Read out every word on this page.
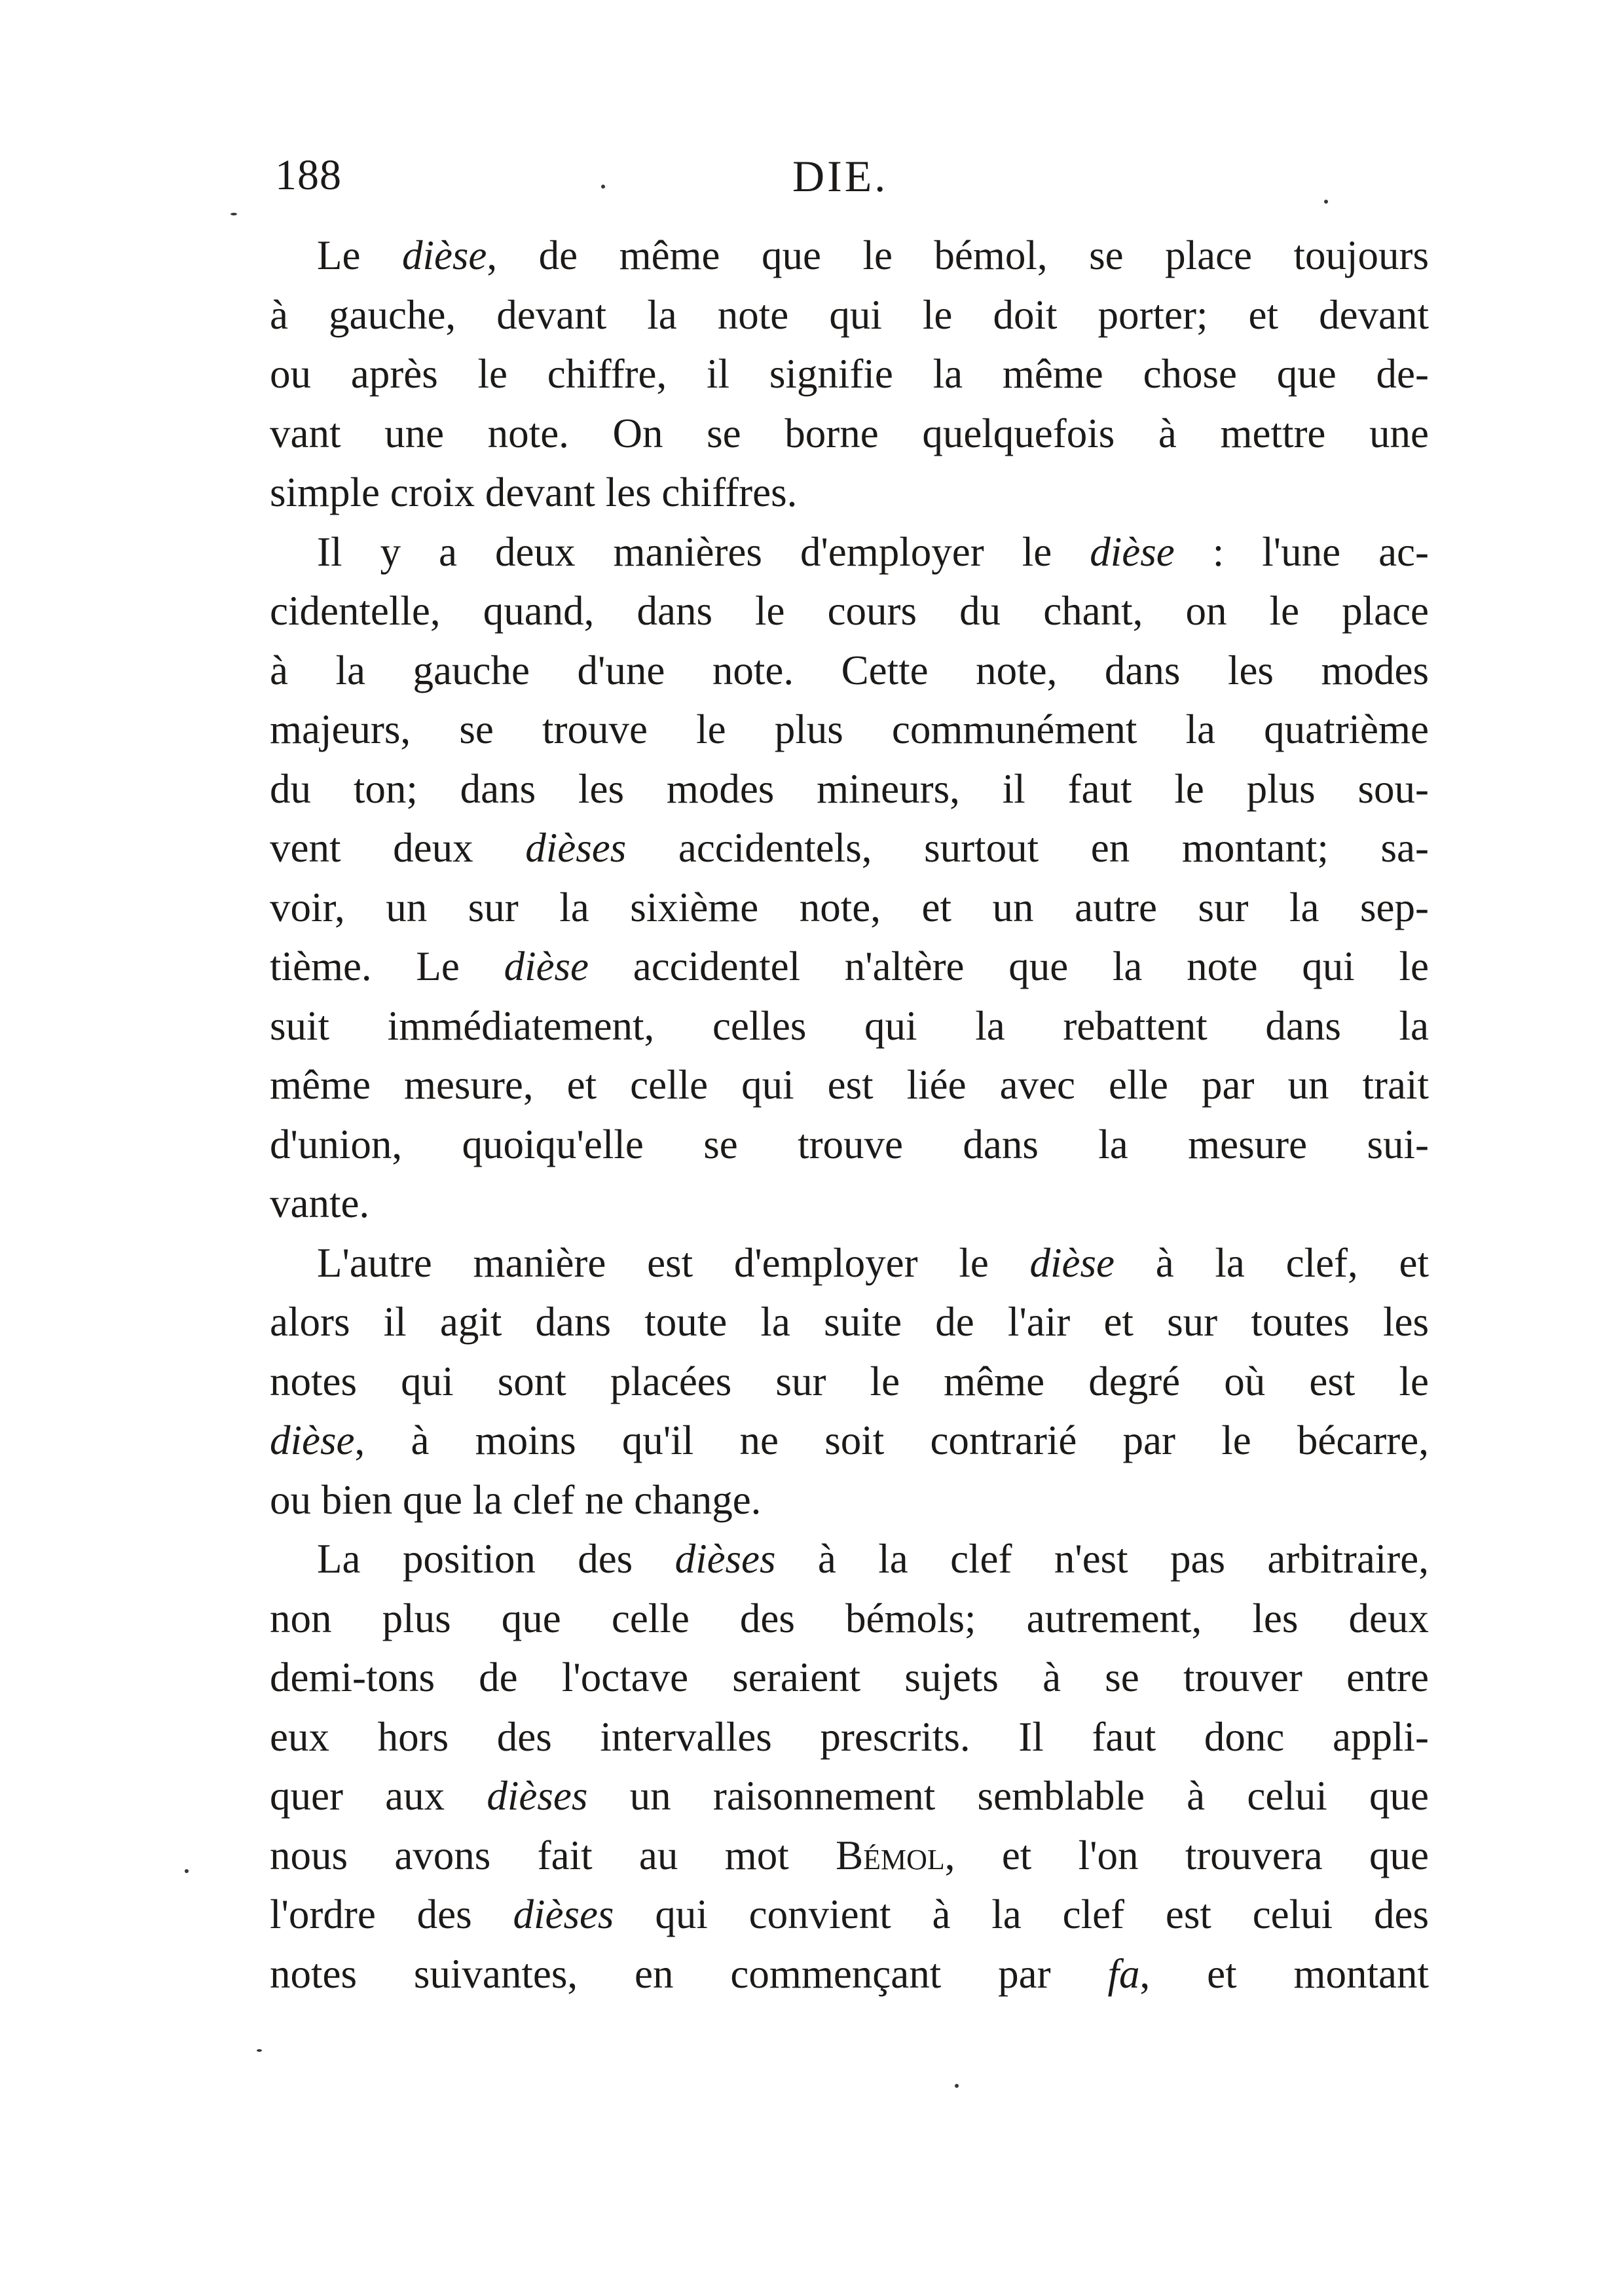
188	DIE.
Le dièse, de même que le bémol, se place toujours
à gauche, devant la note qui le doit porter; et devant
ou après le chiffre, il signifie la même chose que de-
vant une note. On se borne quelquefois à mettre une
simple croix devant les chiffres.
Il y a deux manières d'employer le dièse : l'une ac-
cidentelle, quand, dans le cours du chant, on le place
à la gauche d'une note. Cette note, dans les modes
majeurs, se trouve le plus communément la quatrième
du ton; dans les modes mineurs, il faut le plus sou-
vent deux dièses accidentels, surtout en montant; sa-
voir, un sur la sixième note, et un autre sur la sep-
tième. Le dièse accidentel n'altère que la note qui le
suit immédiatement, celles qui la rebattent dans la
même mesure, et celle qui est liée avec elle par un trait
d'union, quoiqu'elle se trouve dans la mesure sui-
vante.
L'autre manière est d'employer le dièse à la clef, et
alors il agit dans toute la suite de l'air et sur toutes les
notes qui sont placées sur le même degré où est le
dièse, à moins qu'il ne soit contrarié par le bécarre,
ou bien que la clef ne change.
La position des dièses à la clef n'est pas arbitraire,
non plus que celle des bémols; autrement, les deux
demi-tons de l'octave seraient sujets à se trouver entre
eux hors des intervalles prescrits. Il faut donc appli-
quer aux dièses un raisonnement semblable à celui que
nous avons fait au mot Bémol, et l'on trouvera que
l'ordre des dièses qui convient à la clef est celui des
notes suivantes, en commençant par fa, et montant
